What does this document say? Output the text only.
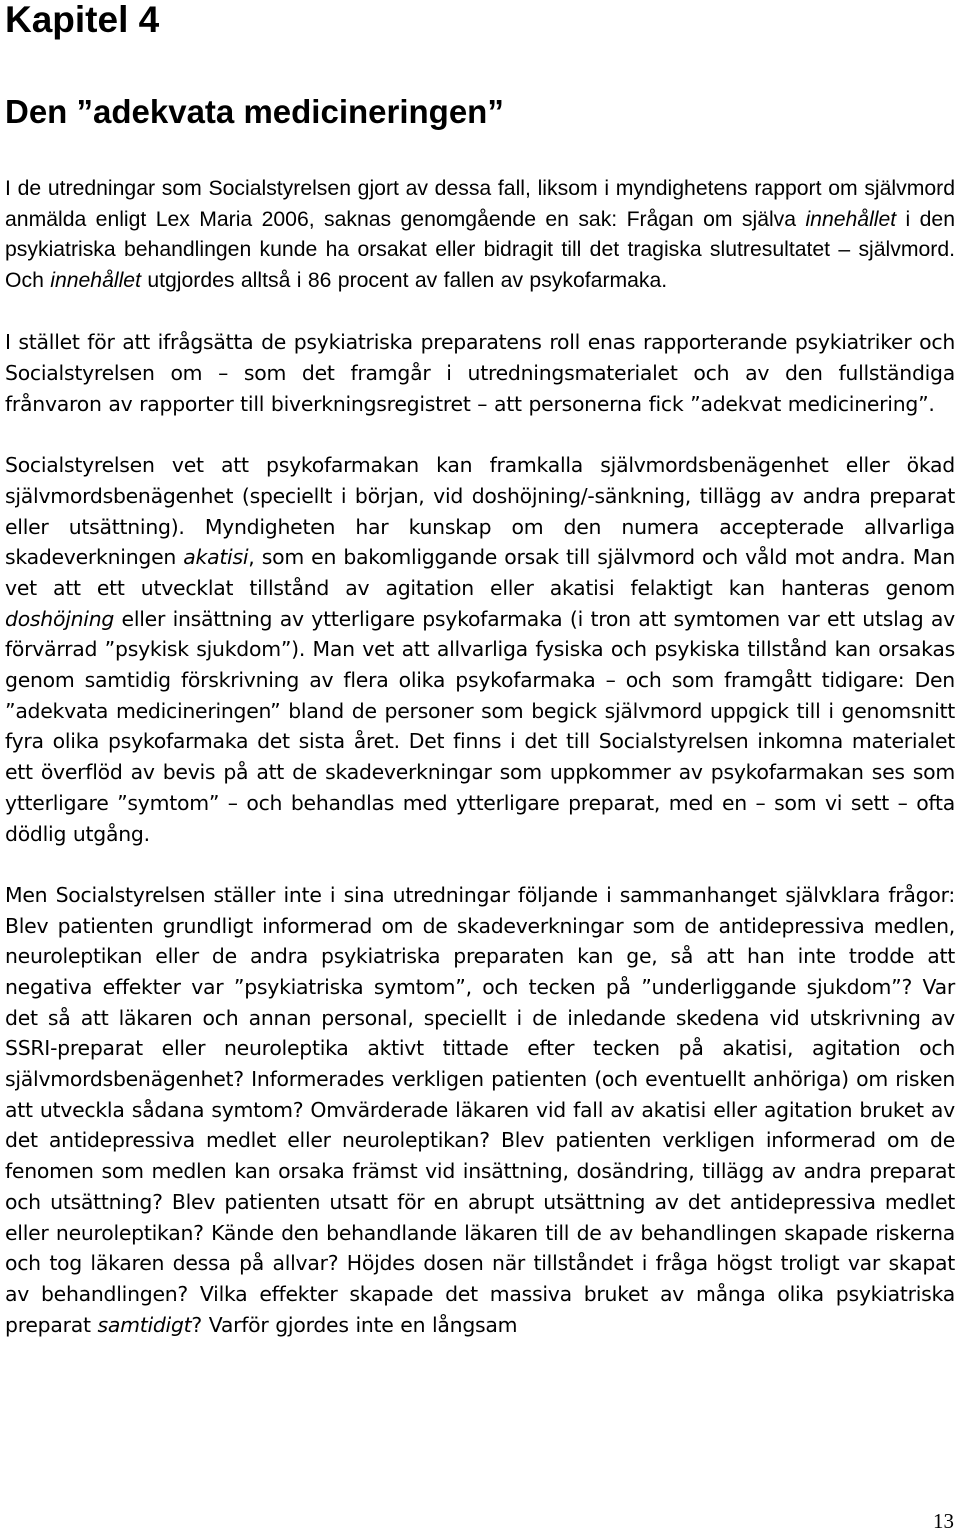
Kapitel 4
Den ”adekvata medicineringen”

I de utredningar som Socialstyrelsen gjort av dessa fall, liksom i myndighetens rapport om självmord anmälda enligt Lex Maria 2006, saknas genomgående en sak: Frågan om själva innehållet i den psykiatriska behandlingen kunde ha orsakat eller bidragit till det tragiska slutresultatet – självmord. Och innehållet utgjordes alltså i 86 procent av fallen av psykofarmaka.

I stället för att ifrågsätta de psykiatriska preparatens roll enas rapporterande psykiatriker och Socialstyrelsen om – som det framgår i utredningsmaterialet och av den fullständiga frånvaron av rapporter till biverkningsregistret – att personerna fick ”adekvat medicinering”.

Socialstyrelsen vet att psykofarmakan kan framkalla självmordsbenägenhet eller ökad självmordsbenägenhet (speciellt i början, vid doshöjning/-sänkning, tillägg av andra preparat eller utsättning). Myndigheten har kunskap om den numera accepterade allvarliga skadeverkningen akatisi, som en bakomliggande orsak till självmord och våld mot andra. Man vet att ett utvecklat tillstånd av agitation eller akatisi felaktigt kan hanteras genom doshöjning eller insättning av ytterligare psykofarmaka (i tron att symtomen var ett utslag av förvärrad ”psykisk sjukdom”). Man vet att allvarliga fysiska och psykiska tillstånd kan orsakas genom samtidig förskrivning av flera olika psykofarmaka – och som framgått tidigare: Den ”adekvata medicineringen” bland de personer som begick självmord uppgick till i genomsnitt fyra olika psykofarmaka det sista året. Det finns i det till Socialstyrelsen inkomna materialet ett överflöd av bevis på att de skadeverkningar som uppkommer av psykofarmakan ses som ytterligare ”symtom” – och behandlas med ytterligare preparat, med en – som vi sett – ofta dödlig utgång.

Men Socialstyrelsen ställer inte i sina utredningar följande i sammanhanget självklara frågor: Blev patienten grundligt informerad om de skadeverkningar som de antidepressiva medlen, neuroleptikan eller de andra psykiatriska preparaten kan ge, så att han inte trodde att negativa effekter var ”psykiatriska symtom”, och tecken på ”underliggande sjukdom”? Var det så att läkaren och annan personal, speciellt i de inledande skedena vid utskrivning av SSRI-preparat eller neuroleptika aktivt tittade efter tecken på akatisi, agitation och självmordsbenägenhet? Informerades verkligen patienten (och eventuellt anhöriga) om risken att utveckla sådana symtom? Omvärderade läkaren vid fall av akatisi eller agitation bruket av det antidepressiva medlet eller neuroleptikan? Blev patienten verkligen informerad om de fenomen som medlen kan orsaka främst vid insättning, dosändring, tillägg av andra preparat och utsättning? Blev patienten utsatt för en abrupt utsättning av det antidepressiva medlet eller neuroleptikan? Kände den behandlande läkaren till de av behandlingen skapade riskerna och tog läkaren dessa på allvar? Höjdes dosen när tillståndet i fråga högst troligt var skapat av behandlingen? Vilka effekter skapade det massiva bruket av många olika psykiatriska preparat samtidigt? Varför gjordes inte en långsam

13
